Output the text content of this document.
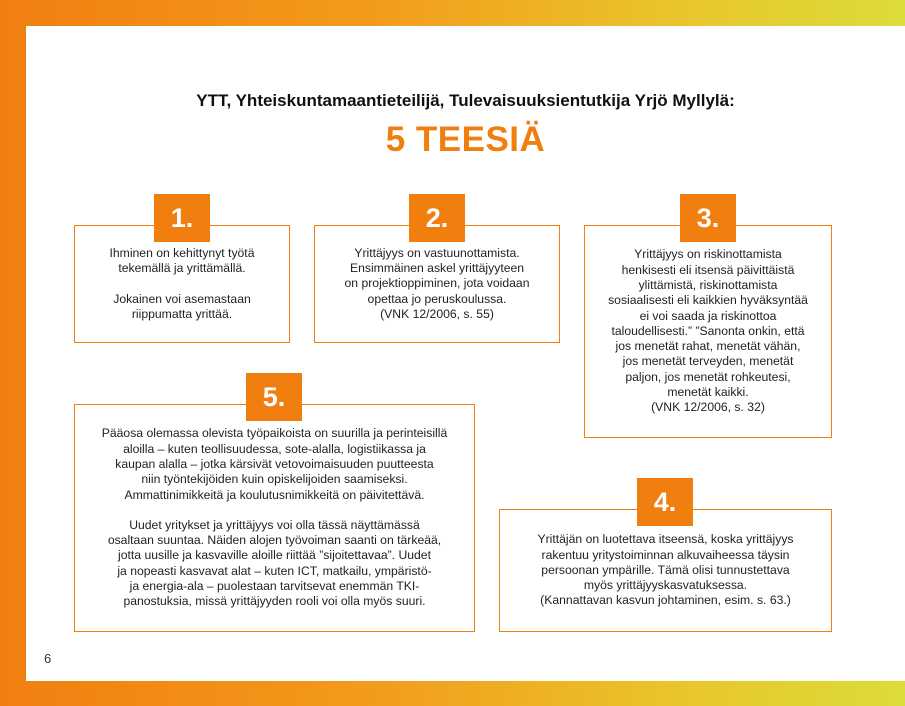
YTT, Yhteiskuntamaantieteilijä, Tulevaisuuksientutkija Yrjö Myllylä:
5 TEESIÄ

Ihminen on kehittynyt työtä
tekemällä ja yrittämällä.

Jokainen voi asemastaan
riippumatta yrittää.

1.

Yrittäjyys on vastuunottamista.
Ensimmäinen askel yrittäjyyteen
on projektioppiminen, jota voidaan
opettaa jo peruskoulussa.
(VNK 12/2006, s. 55)

2.

Yrittäjyys on riskinottamista
henkisesti eli itsensä päivittäistä
ylittämistä, riskinottamista
sosiaalisesti eli kaikkien hyväksyntää
ei voi saada ja riskinottoa
taloudellisesti.” ”Sanonta onkin, että
jos menetät rahat, menetät vähän,
jos menetät terveyden, menetät
paljon, jos menetät rohkeutesi,
menetät kaikki.
(VNK 12/2006, s. 32)

3.

Pääosa olemassa olevista työpaikoista on suurilla ja perinteisillä
aloilla – kuten teollisuudessa, sote-alalla, logistiikassa ja
kaupan alalla – jotka kärsivät vetovoimaisuuden puutteesta
niin työntekijöiden kuin opiskelijoiden saamiseksi.
Ammattinimikkeitä ja koulutusnimikkeitä on päivitettävä.

Uudet yritykset ja yrittäjyys voi olla tässä näyttämässä
osaltaan suuntaa. Näiden alojen työvoiman saanti on tärkeää,
jotta uusille ja kasvaville aloille riittää ”sijoitettavaa”. Uudet
ja nopeasti kasvavat alat – kuten ICT, matkailu, ympäristö-
ja energia-ala – puolestaan tarvitsevat enemmän TKI-
panostuksia, missä yrittäjyyden rooli voi olla myös suuri.

5.

Yrittäjän on luotettava itseensä, koska yrittäjyys
rakentuu yritystoiminnan alkuvaiheessa täysin
persoonan ympärille. Tämä olisi tunnustettava
myös yrittäjyyskasvatuksessa.
(Kannattavan kasvun johtaminen, esim. s. 63.)

4.
6
